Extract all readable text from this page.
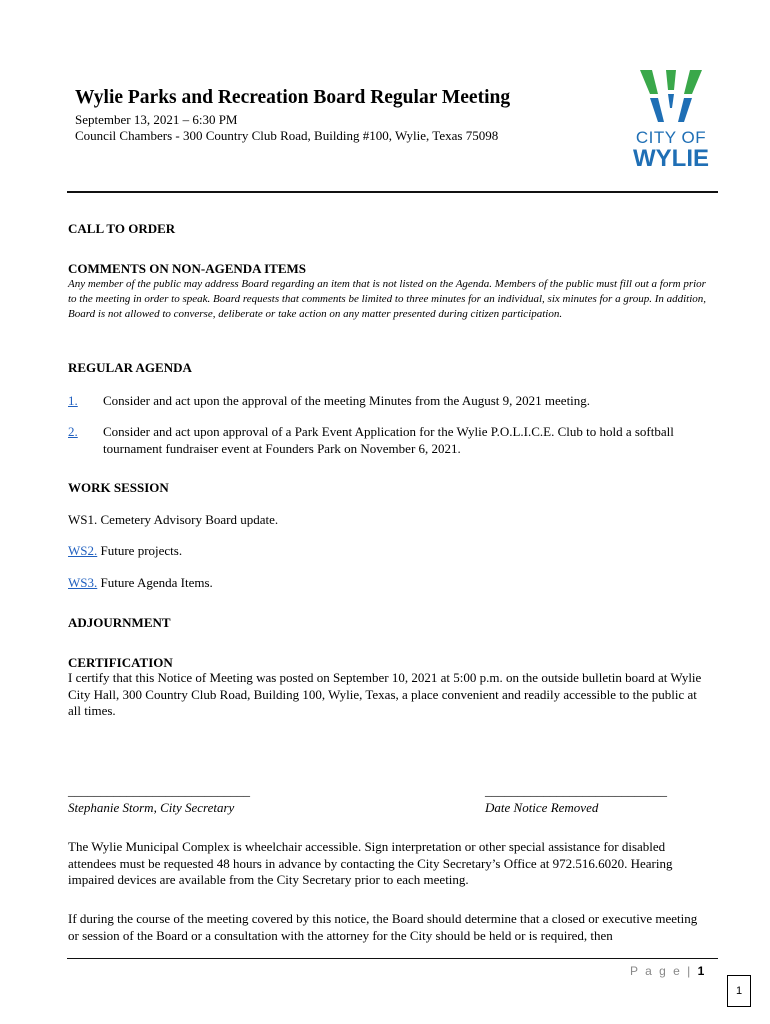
Wylie Parks and Recreation Board Regular Meeting
September 13, 2021 – 6:30 PM
Council Chambers - 300 Country Club Road, Building #100, Wylie, Texas 75098	CITY OF
WYLIE
CALL TO ORDER
COMMENTS ON NON-AGENDA ITEMS
Any member of the public may address Board regarding an item that is not listed on the Agenda. Members of the public must fill out a form prior to the meeting in order to speak. Board requests that comments be limited to three minutes for an individual, six minutes for a group. In addition, Board is not allowed to converse, deliberate or take action on any matter presented during citizen participation.
REGULAR AGENDA
1. Consider and act upon the approval of the meeting Minutes from the August 9, 2021 meeting.
2. Consider and act upon approval of a Park Event Application for the Wylie P.O.L.I.C.E. Club to hold a softball tournament fundraiser event at Founders Park on November 6, 2021.
WORK SESSION
WS1. Cemetery Advisory Board update.
WS2. Future projects.
WS3. Future Agenda Items.
ADJOURNMENT
CERTIFICATION
I certify that this Notice of Meeting was posted on September 10, 2021 at 5:00 p.m. on the outside bulletin board at Wylie City Hall, 300 Country Club Road, Building 100, Wylie, Texas, a place convenient and readily accessible to the public at all times.
____________________________
Stephanie Storm, City Secretary
____________________________
Date Notice Removed
The Wylie Municipal Complex is wheelchair accessible. Sign interpretation or other special assistance for disabled attendees must be requested 48 hours in advance by contacting the City Secretary’s Office at 972.516.6020. Hearing impaired devices are available from the City Secretary prior to each meeting.
If during the course of the meeting covered by this notice, the Board should determine that a closed or executive meeting or session of the Board or a consultation with the attorney for the City should be held or is required, then
P a g e | 1
1
